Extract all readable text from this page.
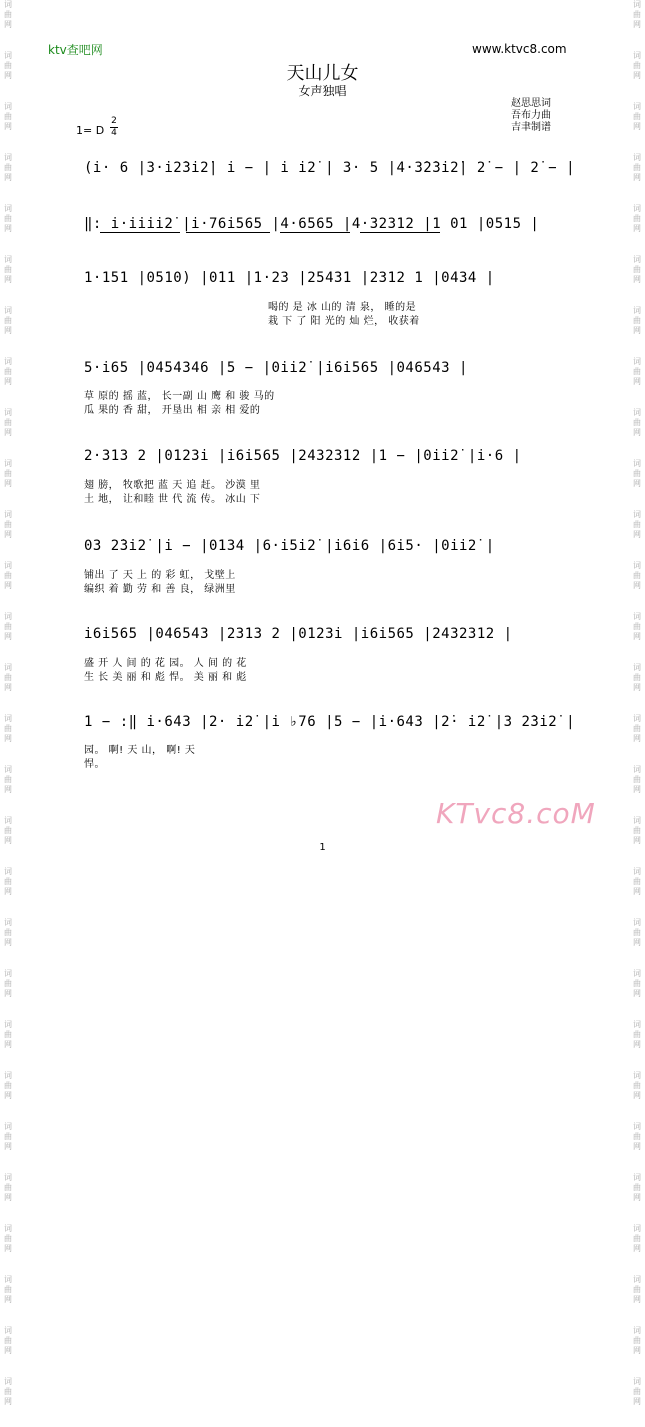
词
曲
网
词
曲
网
词
曲
网
词
曲
网
词
曲
网
词
曲
网
词
曲
网
词
曲
网
词
曲
网
词
曲
网
词
曲
网
词
曲
网
词
曲
网
词
曲
网
词
曲
网
词
曲
网
词
曲
网
词
曲
网
词
曲
网
词
曲
网
词
曲
网
词
曲
网
词
曲
网
词
曲
网
词
曲
网
词
曲
网
词
曲
网
词
曲
网
词
曲
网
词
曲
网
词
曲
网
词
曲
网
词
曲
网
词
曲
网
词
曲
网
词
曲
网
词
曲
网
词
曲
网
词
曲
网
词
曲
网
词
曲
网
词
曲
网
词
曲
网
词
曲
网
词
曲
网
词
曲
网
词
曲
网
词
曲
网
词
曲
网
词
曲
网
词
曲
网
词
曲
网
词
曲
网
词
曲
网
词
曲
网
词
曲
网
ktv查吧网	www.ktvc8.com
天山儿女
女声独唱
赵思思词
吾布力曲
吉聿制谱
1= D
2
4
(i· 6 |3·i2̇3i2̇| i − | i i2̇ | 3· 5 |4·3̇2̇3i2̇| 2̇ − | 2̇ − |
‖: i·iiii2̇ |i·76i565 |4·6565 |4·32312 |1 01 |0515 |
1·151 |0510) |011 |1·23 |25431 |2312 1 |0434 |
喝的 是 冰 山的 清 泉， 睡的是
栽 下 了 阳 光的 灿 烂， 收获着
5·i65 |0454346 |5 − |0ii2̇ |i6i565 |046543 |
草 原的 摇 蓝， 长一副 山 鹰 和 骏 马的
瓜 果的 香 甜， 开垦出 相 亲 相 爱的
2·313 2 |0123i |i6i565 |2432312 |1 − |0ii2̇ |i·6 |
翅 膀， 牧歌把 蓝 天 追 赶。 沙漠 里
土 地， 让和睦 世 代 流 传。 冰山 下
03 2̇3i2̇ |i − |0134 |6·i5i2̇ |i6i6 |6i5· |0ii2̇ |
铺出 了 天 上 的 彩 虹， 戈壁上
编织 着 勤 劳 和 善 良， 绿洲里
i6i565 |046543 |2313 2 |0123i |i6i565 |2432312 |
盛 开 人 间 的 花 园。 人 间 的 花
生 长 美 丽 和 彪 悍。 美 丽 和 彪
1 − :‖ i·643 |2· i2̇ |i ♭76 |5 − |i·643 |2̇· i2̇ |3 2̇3i2̇ |
园。 啊! 天 山， 啊! 天
悍。
KTvc8.coM
1
